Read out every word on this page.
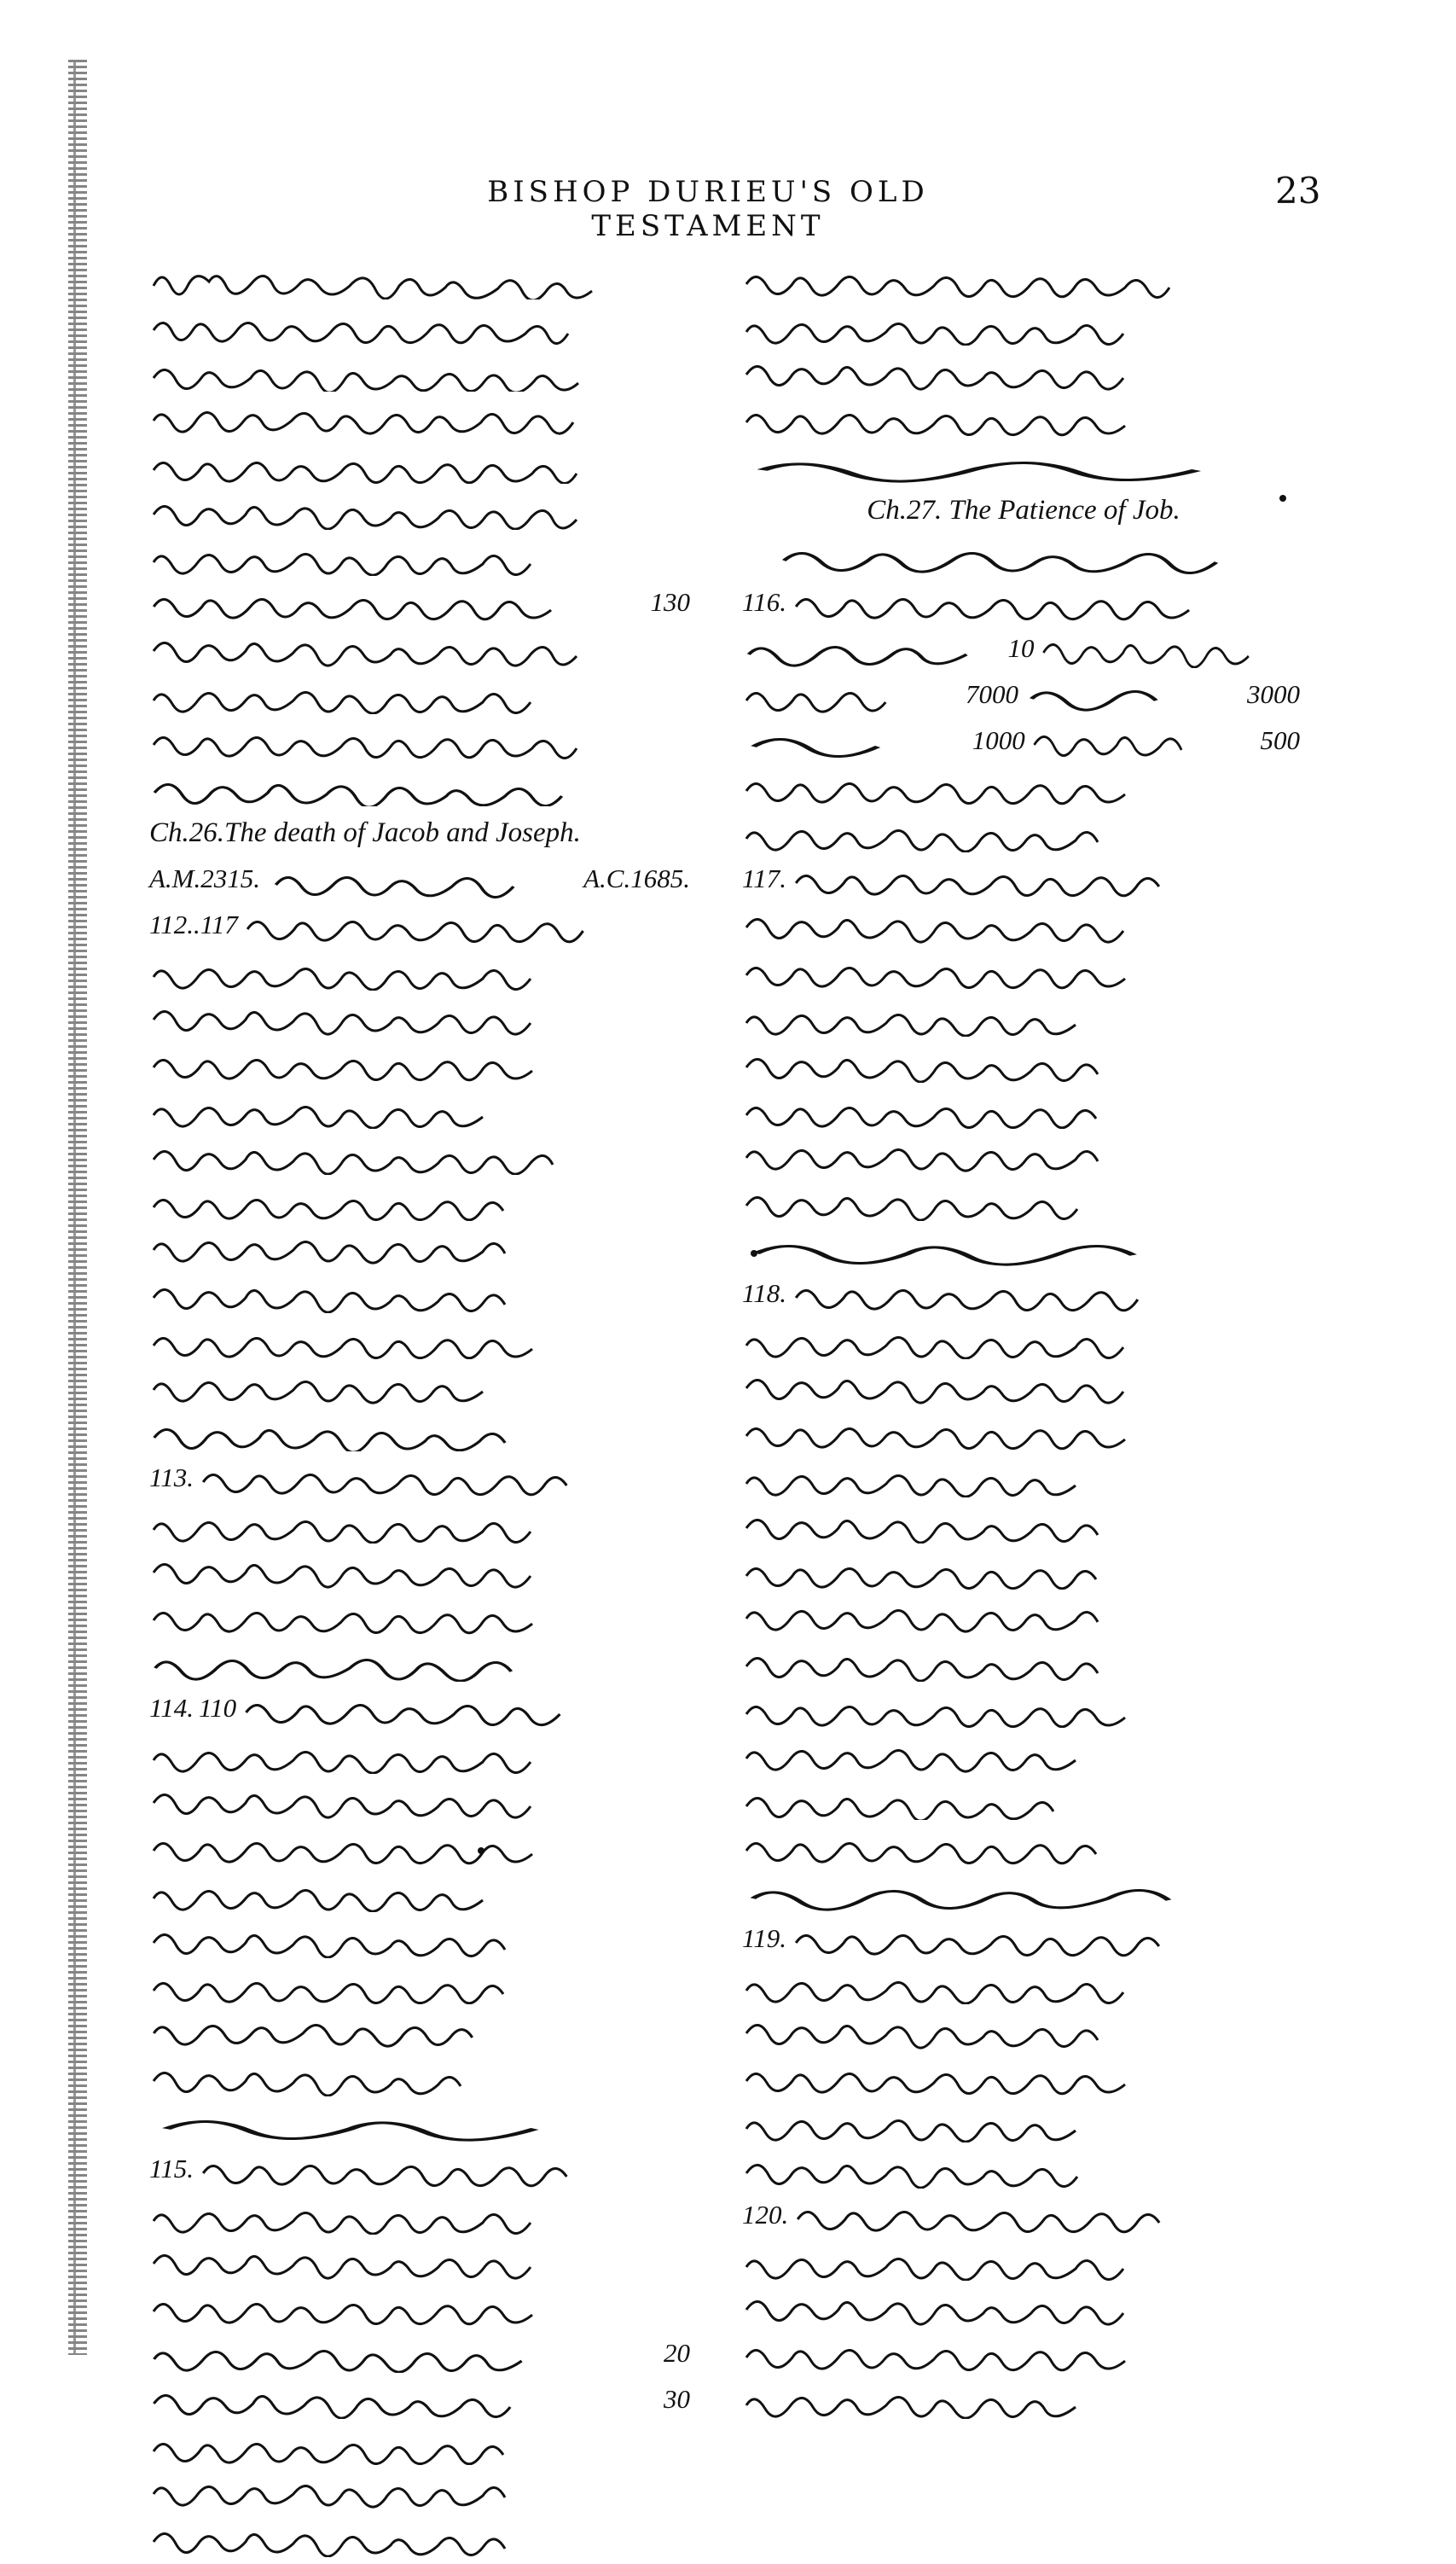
BISHOP DURIEU'S OLD TESTAMENT
23
130
Ch.26.The death of Jacob and Joseph.
A.M.2315.	A.C.1685.
112..117
113.
114. 110
115.
20
30
Ch.27. The Patience of Job.
116.
10
7000	3000
1000	500
117.
118.
119.
120.
